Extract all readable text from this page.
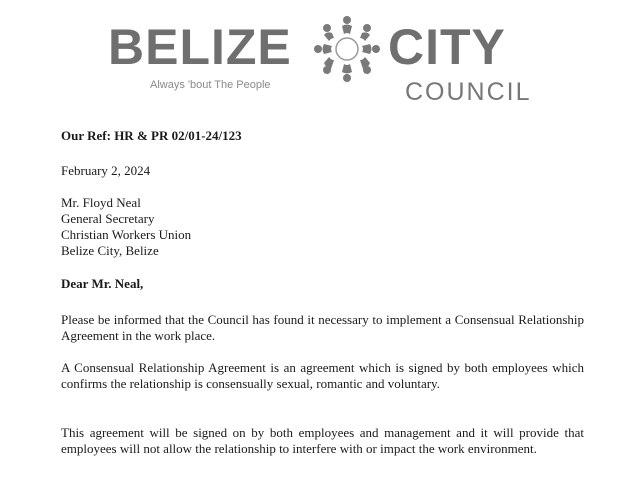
BELIZE CITY
Always 'bout The People	COUNCIL
Our Ref: HR & PR 02/01-24/123
February 2, 2024
Mr. Floyd Neal
General Secretary
Christian Workers Union
Belize City, Belize
Dear Mr. Neal,
Please be informed that the Council has found it necessary to implement a Consensual Relationship Agreement in the work place.
A Consensual Relationship Agreement is an agreement which is signed by both employees which confirms the relationship is consensually sexual, romantic and voluntary.
This agreement will be signed on by both employees and management and it will provide that employees will not allow the relationship to interfere with or impact the work environment.
